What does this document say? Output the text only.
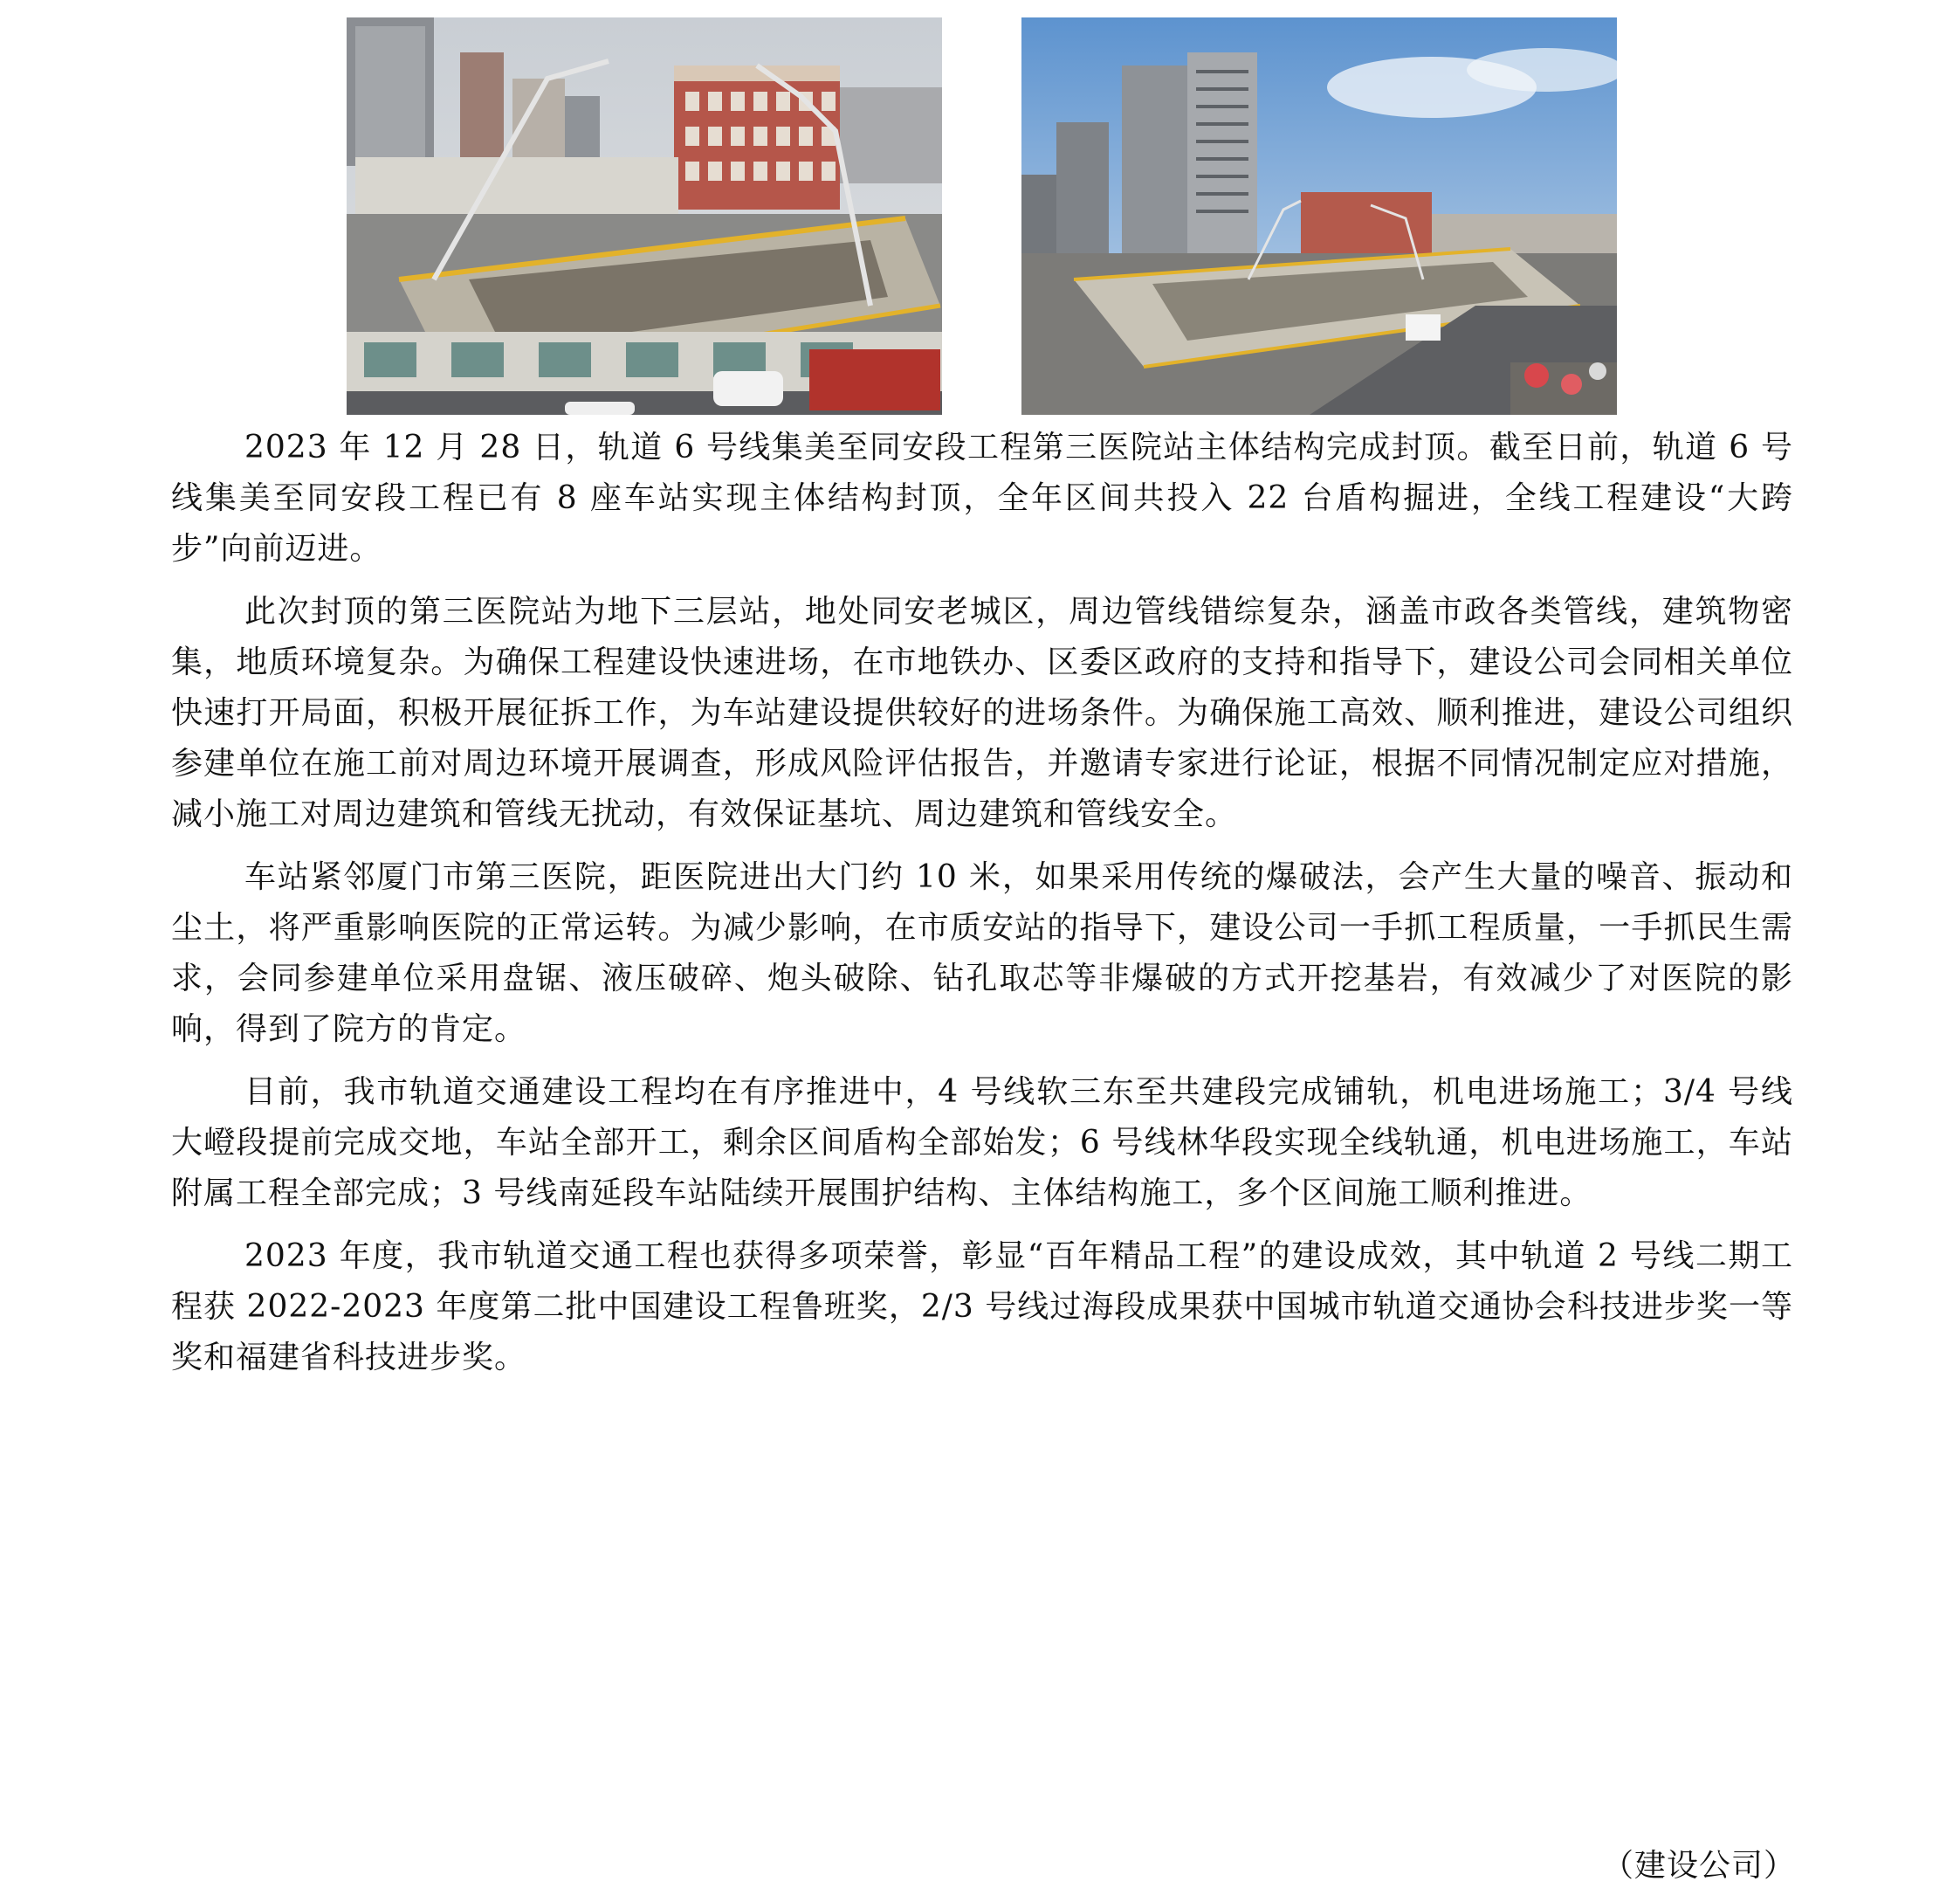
2023 年 12 月 28 日，轨道 6 号线集美至同安段工程第三医院站主体结构完成封顶。截至日前，轨道 6 号线集美至同安段工程已有 8 座车站实现主体结构封顶，全年区间共投入 22 台盾构掘进，全线工程建设“大跨步”向前迈进。

此次封顶的第三医院站为地下三层站，地处同安老城区，周边管线错综复杂，涵盖市政各类管线，建筑物密集，地质环境复杂。为确保工程建设快速进场，在市地铁办、区委区政府的支持和指导下，建设公司会同相关单位快速打开局面，积极开展征拆工作，为车站建设提供较好的进场条件。为确保施工高效、顺利推进，建设公司组织参建单位在施工前对周边环境开展调查，形成风险评估报告，并邀请专家进行论证，根据不同情况制定应对措施，减小施工对周边建筑和管线无扰动，有效保证基坑、周边建筑和管线安全。

车站紧邻厦门市第三医院，距医院进出大门约 10 米，如果采用传统的爆破法，会产生大量的噪音、振动和尘土，将严重影响医院的正常运转。为减少影响，在市质安站的指导下，建设公司一手抓工程质量，一手抓民生需求，会同参建单位采用盘锯、液压破碎、炮头破除、钻孔取芯等非爆破的方式开挖基岩，有效减少了对医院的影响，得到了院方的肯定。

目前，我市轨道交通建设工程均在有序推进中，4 号线软三东至共建段完成铺轨，机电进场施工；3/4 号线大嶝段提前完成交地，车站全部开工，剩余区间盾构全部始发；6 号线林华段实现全线轨通，机电进场施工，车站附属工程全部完成；3 号线南延段车站陆续开展围护结构、主体结构施工，多个区间施工顺利推进。

2023 年度，我市轨道交通工程也获得多项荣誉，彰显“百年精品工程”的建设成效，其中轨道 2 号线二期工程获 2022-2023 年度第二批中国建设工程鲁班奖，2/3 号线过海段成果获中国城市轨道交通协会科技进步奖一等奖和福建省科技进步奖。

（建设公司）
